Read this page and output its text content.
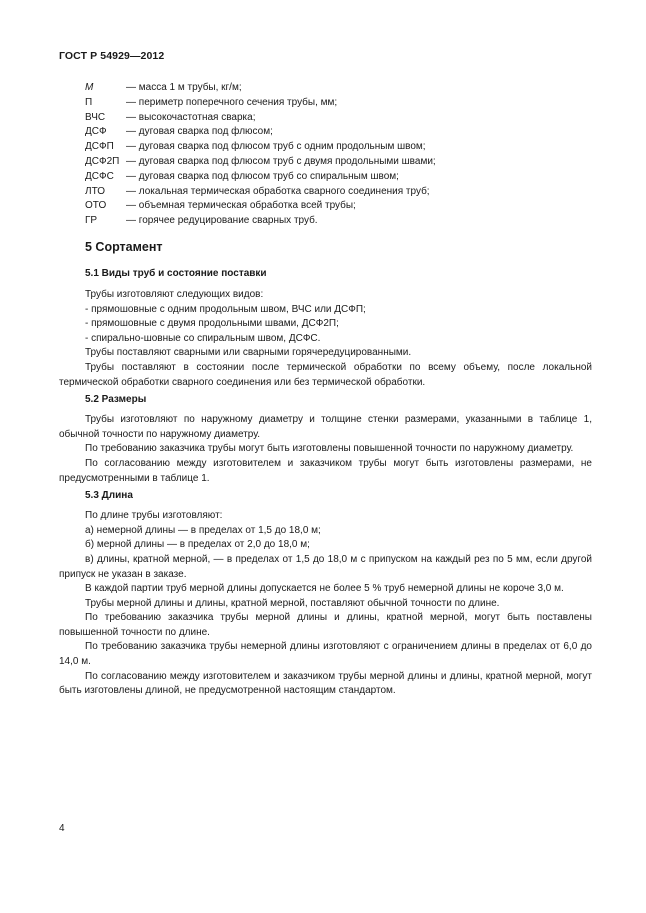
ГОСТ Р 54929—2012
M	— масса 1 м трубы, кг/м;
П	— периметр поперечного сечения трубы, мм;
ВЧС — высокочастотная сварка;
ДСФ — дуговая сварка под флюсом;
ДСФП — дуговая сварка под флюсом труб с одним продольным швом;
ДСФ2П — дуговая сварка под флюсом труб с двумя продольными швами;
ДСФС — дуговая сварка под флюсом труб со спиральным швом;
ЛТО — локальная термическая обработка сварного соединения труб;
ОТО — объемная термическая обработка всей трубы;
ГР	— горячее редуцирование сварных труб.
5 Сортамент
5.1 Виды труб и состояние поставки
Трубы изготовляют следующих видов:
- прямошовные с одним продольным швом, ВЧС или ДСФП;
- прямошовные с двумя продольными швами, ДСФ2П;
- спирально-шовные со спиральным швом, ДСФС.
Трубы поставляют сварными или сварными горячередуцированными.
Трубы поставляют в состоянии после термической обработки по всему объему, после локальной термической обработки сварного соединения или без термической обработки.
5.2 Размеры
Трубы изготовляют по наружному диаметру и толщине стенки размерами, указанными в таблице 1, обычной точности по наружному диаметру.
По требованию заказчика трубы могут быть изготовлены повышенной точности по наружному диаметру.
По согласованию между изготовителем и заказчиком трубы могут быть изготовлены размерами, не предусмотренными в таблице 1.
5.3 Длина
По длине трубы изготовляют:
а) немерной длины — в пределах от 1,5 до 18,0 м;
б) мерной длины — в пределах от 2,0 до 18,0 м;
в) длины, кратной мерной, — в пределах от 1,5 до 18,0 м с припуском на каждый рез по 5 мм, если другой припуск не указан в заказе.
В каждой партии труб мерной длины допускается не более 5 % труб немерной длины не короче 3,0 м.
Трубы мерной длины и длины, кратной мерной, поставляют обычной точности по длине.
По требованию заказчика трубы мерной длины и длины, кратной мерной, могут быть поставлены повышенной точности по длине.
По требованию заказчика трубы немерной длины изготовляют с ограничением длины в пределах от 6,0 до 14,0 м.
По согласованию между изготовителем и заказчиком трубы мерной длины и длины, кратной мерной, могут быть изготовлены длиной, не предусмотренной настоящим стандартом.
4
